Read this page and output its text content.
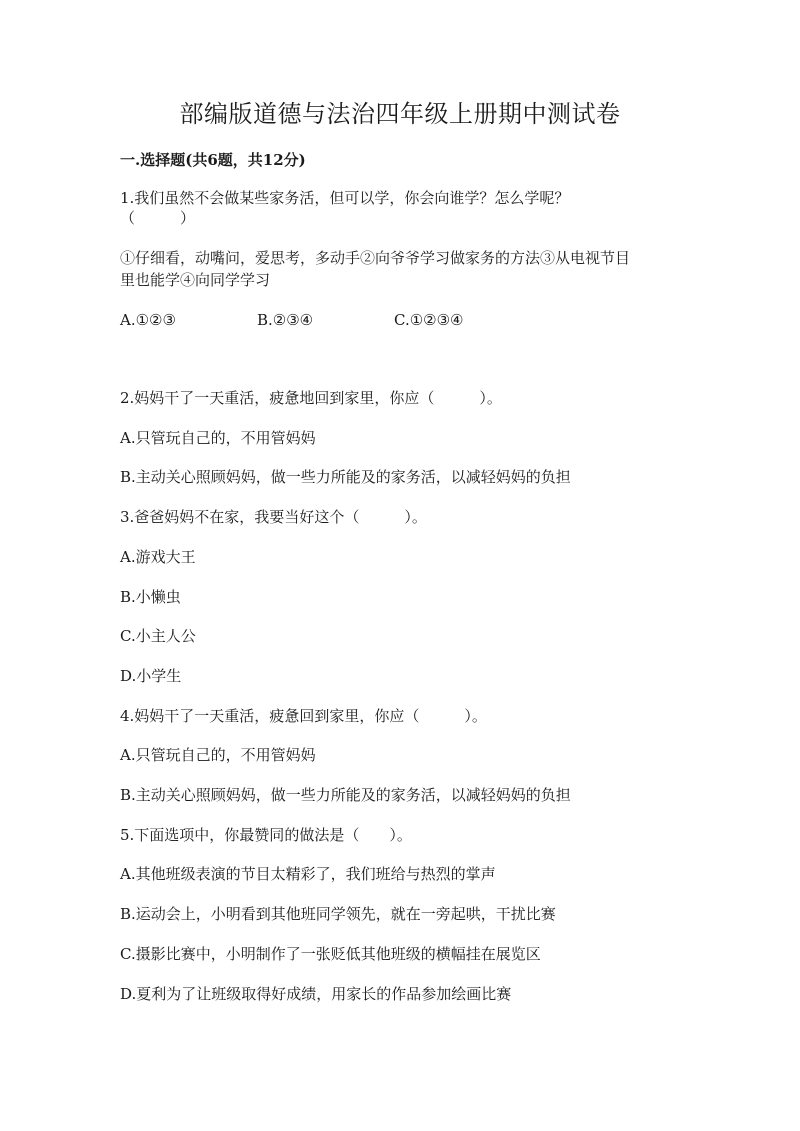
部编版道德与法治四年级上册期中测试卷
一.选择题(共6题，共12分)
1.我们虽然不会做某些家务活，但可以学，你会向谁学？怎么学呢？
（　　　）
①仔细看，动嘴问，爱思考，多动手②向爷爷学习做家务的方法③从电视节目
里也能学④向同学学习
A.①②③	B.②③④	C.①②③④
2.妈妈干了一天重活，疲惫地回到家里，你应（　　　）。
A.只管玩自己的，不用管妈妈
B.主动关心照顾妈妈，做一些力所能及的家务活，以减轻妈妈的负担
3.爸爸妈妈不在家，我要当好这个（　　　）。
A.游戏大王
B.小懒虫
C.小主人公
D.小学生
4.妈妈干了一天重活，疲惫回到家里，你应（　　　）。
A.只管玩自己的，不用管妈妈
B.主动关心照顾妈妈，做一些力所能及的家务活，以减轻妈妈的负担
5.下面选项中，你最赞同的做法是（　　）。
A.其他班级表演的节目太精彩了，我们班给与热烈的掌声
B.运动会上，小明看到其他班同学领先，就在一旁起哄，干扰比赛
C.摄影比赛中，小明制作了一张贬低其他班级的横幅挂在展览区
D.夏利为了让班级取得好成绩，用家长的作品参加绘画比赛
